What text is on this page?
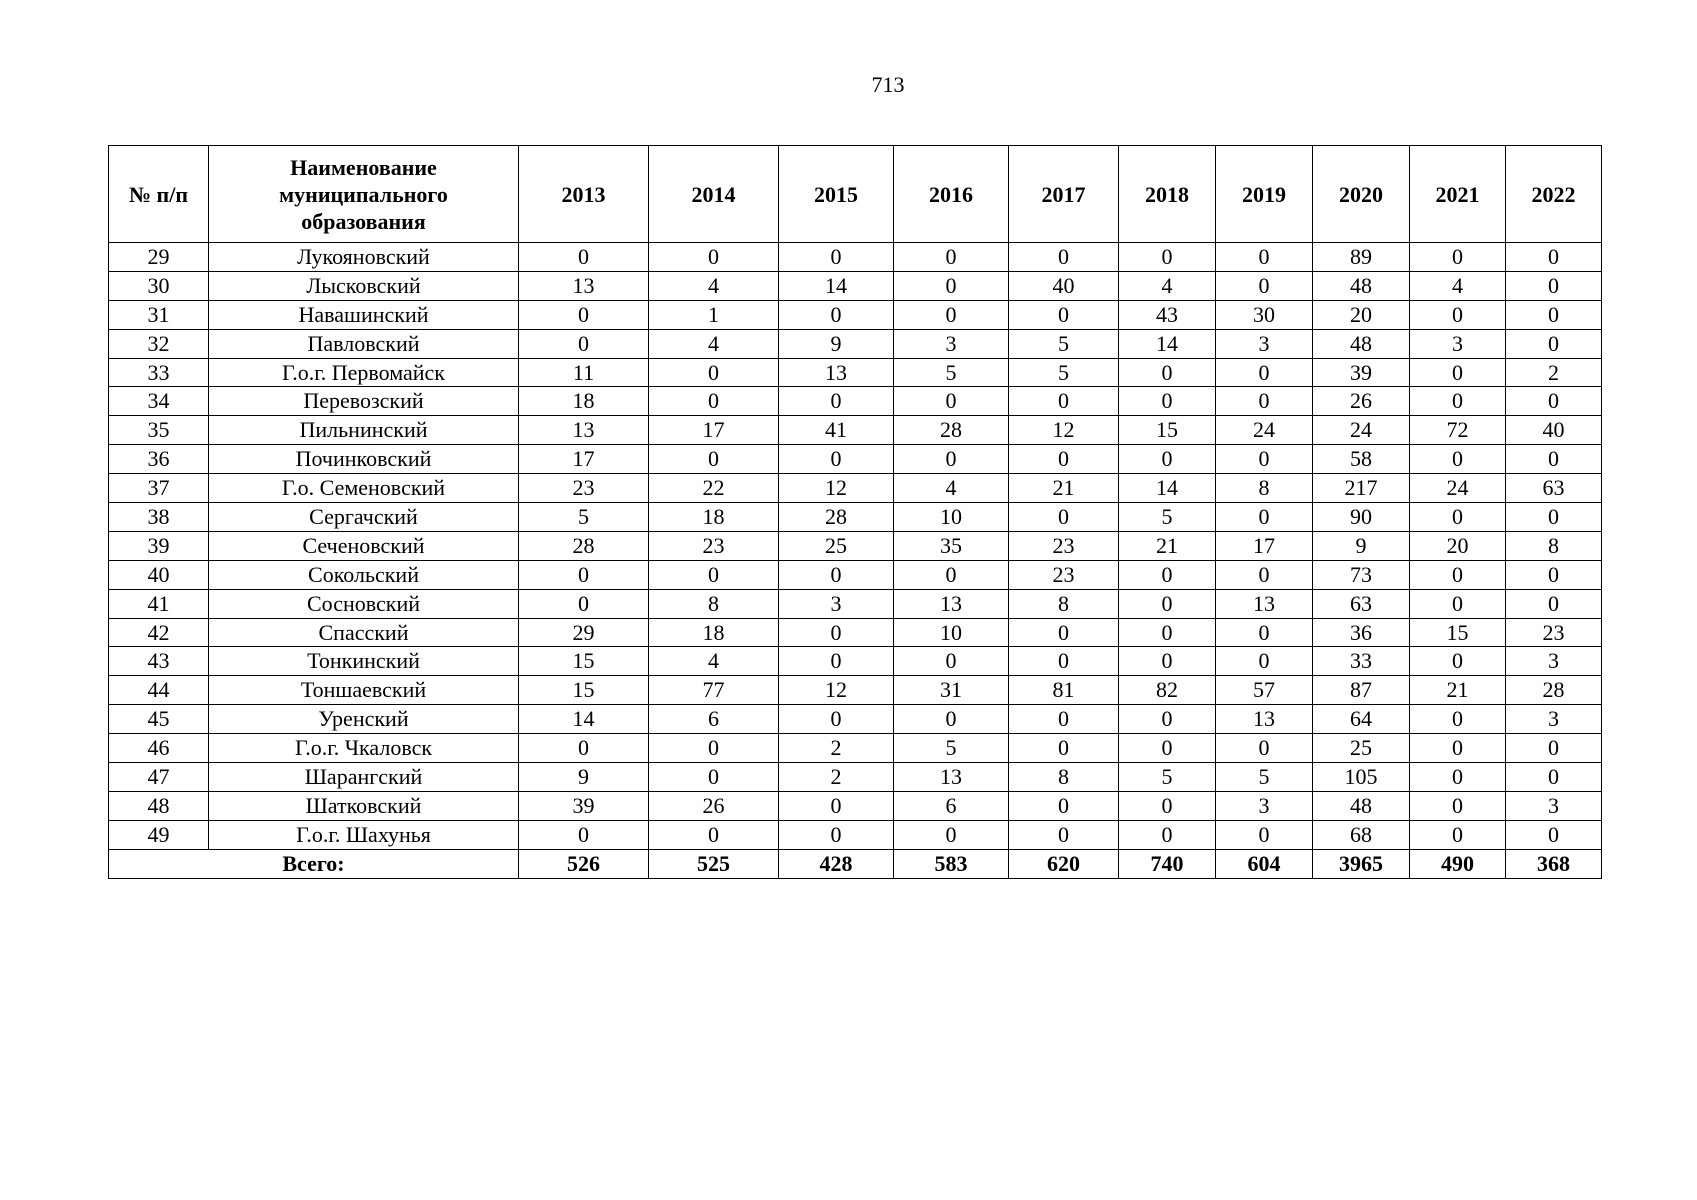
713
№ п/п	Наименование муниципального образования	2013	2014	2015	2016	2017	2018	2019	2020	2021	2022
29	Лукояновский	0	0	0	0	0	0	0	89	0	0
30	Лысковский	13	4	14	0	40	4	0	48	4	0
31	Навашинский	0	1	0	0	0	43	30	20	0	0
32	Павловский	0	4	9	3	5	14	3	48	3	0
33	Г.о.г. Первомайск	11	0	13	5	5	0	0	39	0	2
34	Перевозский	18	0	0	0	0	0	0	26	0	0
35	Пильнинский	13	17	41	28	12	15	24	24	72	40
36	Починковский	17	0	0	0	0	0	0	58	0	0
37	Г.о. Семеновский	23	22	12	4	21	14	8	217	24	63
38	Сергачский	5	18	28	10	0	5	0	90	0	0
39	Сеченовский	28	23	25	35	23	21	17	9	20	8
40	Сокольский	0	0	0	0	23	0	0	73	0	0
41	Сосновский	0	8	3	13	8	0	13	63	0	0
42	Спасский	29	18	0	10	0	0	0	36	15	23
43	Тонкинский	15	4	0	0	0	0	0	33	0	3
44	Тоншаевский	15	77	12	31	81	82	57	87	21	28
45	Уренский	14	6	0	0	0	0	13	64	0	3
46	Г.о.г. Чкаловск	0	0	2	5	0	0	0	25	0	0
47	Шарангский	9	0	2	13	8	5	5	105	0	0
48	Шатковский	39	26	0	6	0	0	3	48	0	3
49	Г.о.г. Шахунья	0	0	0	0	0	0	0	68	0	0
Всего:		526	525	428	583	620	740	604	3965	490	368
